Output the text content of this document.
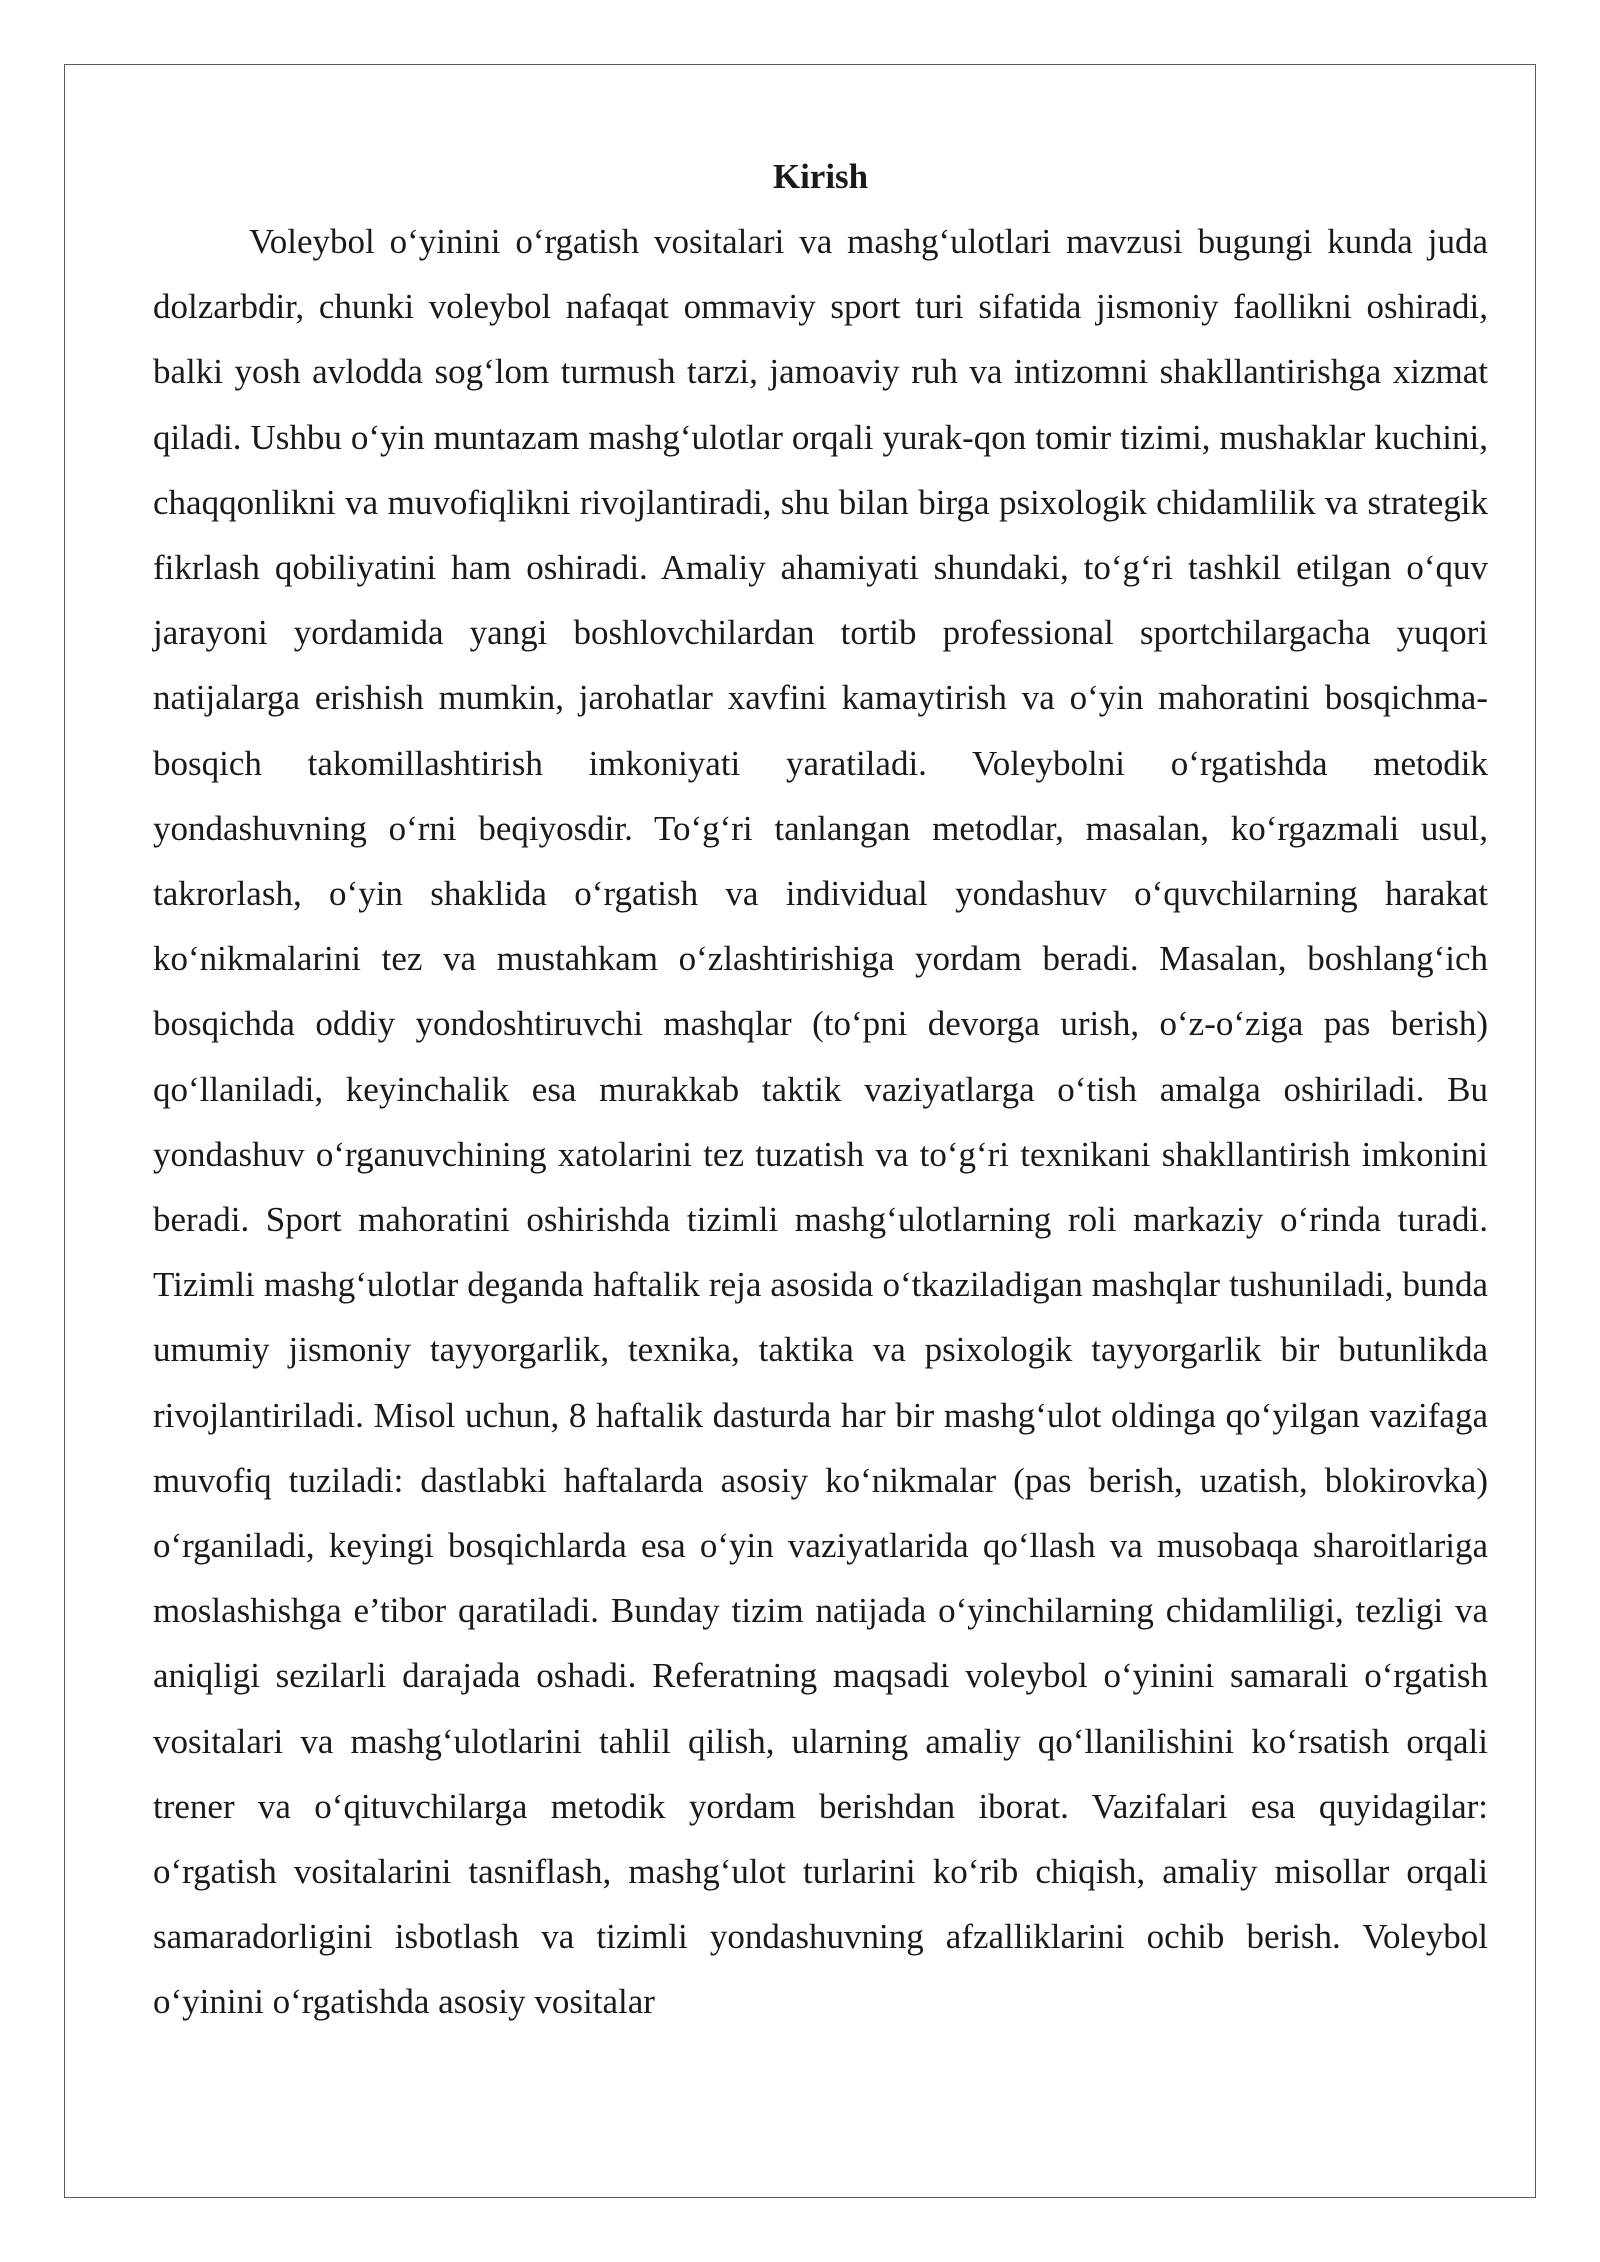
Kirish

Voleybol o‘yinini o‘rgatish vositalari va mashg‘ulotlari mavzusi bugungi kunda juda dolzarbdir, chunki voleybol nafaqat ommaviy sport turi sifatida jismoniy faollikni oshiradi, balki yosh avlodda sog‘lom turmush tarzi, jamoaviy ruh va intizomni shakllantirishga xizmat qiladi. Ushbu o‘yin muntazam mashg‘ulotlar orqali yurak-qon tomir tizimi, mushaklar kuchini, chaqqonlikni va muvofiqlikni rivojlantiradi, shu bilan birga psixologik chidamlilik va strategik fikrlash qobiliyatini ham oshiradi. Amaliy ahamiyati shundaki, to‘g‘ri tashkil etilgan o‘quv jarayoni yordamida yangi boshlovchilardan tortib professional sportchilargacha yuqori natijalarga erishish mumkin, jarohatlar xavfini kamaytirish va o‘yin mahoratini bosqichma-bosqich takomillashtirish imkoniyati yaratiladi. Voleybolni o‘rgatishda metodik yondashuvning o‘rni beqiyosdir. To‘g‘ri tanlangan metodlar, masalan, ko‘rgazmali usul, takrorlash, o‘yin shaklida o‘rgatish va individual yondashuv o‘quvchilarning harakat ko‘nikmalarini tez va mustahkam o‘zlashtirishiga yordam beradi. Masalan, boshlang‘ich bosqichda oddiy yondoshtiruvchi mashqlar (to‘pni devorga urish, o‘z-o‘ziga pas berish) qo‘llaniladi, keyinchalik esa murakkab taktik vaziyatlarga o‘tish amalga oshiriladi. Bu yondashuv o‘rganuvchining xatolarini tez tuzatish va to‘g‘ri texnikani shakllantirish imkonini beradi. Sport mahoratini oshirishda tizimli mashg‘ulotlarning roli markaziy o‘rinda turadi. Tizimli mashg‘ulotlar deganda haftalik reja asosida o‘tkaziladigan mashqlar tushuniladi, bunda umumiy jismoniy tayyorgarlik, texnika, taktika va psixologik tayyorgarlik bir butunlikda rivojlantiriladi. Misol uchun, 8 haftalik dasturda har bir mashg‘ulot oldinga qo‘yilgan vazifaga muvofiq tuziladi: dastlabki haftalarda asosiy ko‘nikmalar (pas berish, uzatish, blokirovka) o‘rganiladi, keyingi bosqichlarda esa o‘yin vaziyatlarida qo‘llash va musobaqa sharoitlariga moslashishga e’tibor qaratiladi. Bunday tizim natijada o‘yinchilarning chidamliligi, tezligi va aniqligi sezilarli darajada oshadi. Referatning maqsadi voleybol o‘yinini samarali o‘rgatish vositalari va mashg‘ulotlarini tahlil qilish, ularning amaliy qo‘llanilishini ko‘rsatish orqali trener va o‘qituvchilarga metodik yordam berishdan iborat. Vazifalari esa quyidagilar: o‘rgatish vositalarini tasniflash, mashg‘ulot turlarini ko‘rib chiqish, amaliy misollar orqali samaradorligini isbotlash va tizimli yondashuvning afzalliklarini ochib berish. Voleybol o‘yinini o‘rgatishda asosiy vositalar
